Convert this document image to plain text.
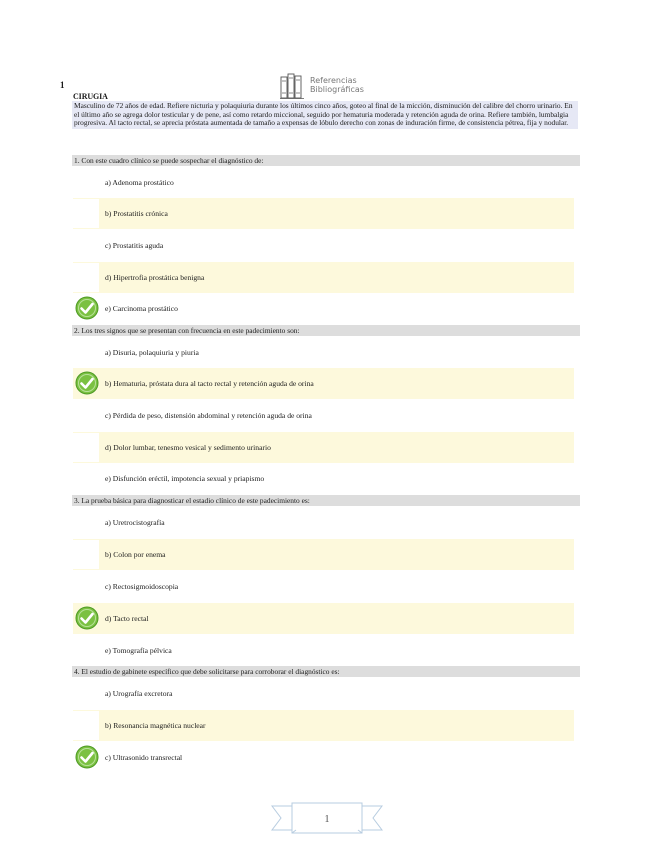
1	Referencias
Bibliográficas
CIRUGIA
Masculino de 72 años de edad. Refiere nicturia y polaquiuria durante los últimos cinco años, goteo al final de la micción, disminución del calibre del chorro urinario. En el último año se agrega dolor testicular y de pene, así como retardo miccional, seguido por hematuria moderada y retención aguda de orina. Refiere también, lumbalgia progresiva. Al tacto rectal, se aprecia próstata aumentada de tamaño a expensas de lóbulo derecho con zonas de induración firme, de consistencia pétrea, fija y nodular.
1. Con este cuadro clínico se puede sospechar el diagnóstico de:
a) Adenoma prostático
b) Prostatitis crónica
c) Prostatitis aguda
d) Hipertrofia prostática benigna
e) Carcinoma prostático
2. Los tres signos que se presentan con frecuencia en este padecimiento son:
a) Disuria, polaquiuria y piuria
b) Hematuria, próstata dura al tacto rectal y retención aguda de orina
c) Pérdida de peso, distensión abdominal y retención aguda de orina
d) Dolor lumbar, tenesmo vesical y sedimento urinario
e) Disfunción eréctil, impotencia sexual y priapismo
3. La prueba básica para diagnosticar el estadio clínico de este padecimiento es:
a) Uretrocistografía
b) Colon por enema
c) Rectosigmoidoscopia
d) Tacto rectal
e) Tomografía pélvica
4. El estudio de gabinete específico que debe solicitarse para corroborar el diagnóstico es:
a) Urografía excretora
b) Resonancia magnética nuclear
c) Ultrasonido transrectal
1
